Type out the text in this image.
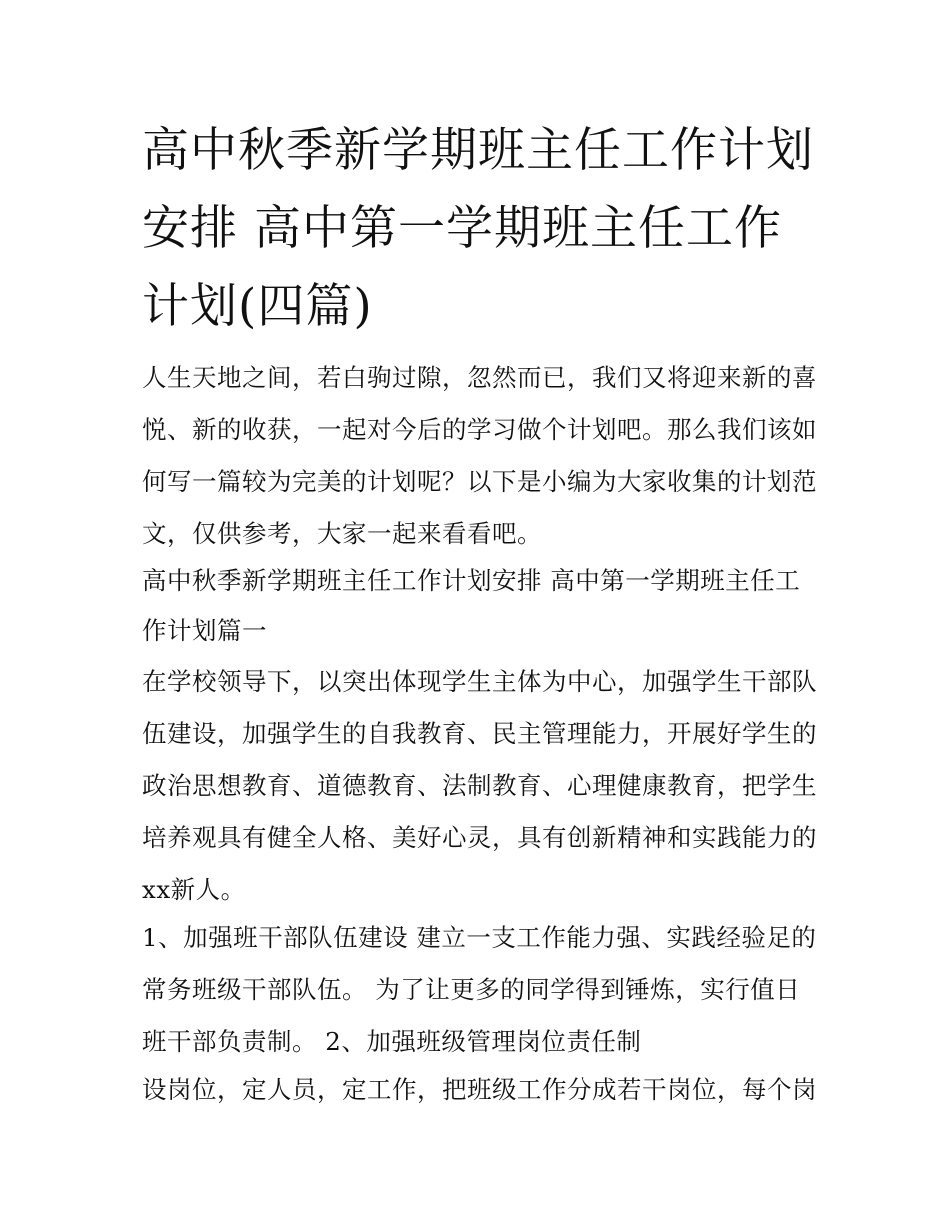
高中秋季新学期班主任工作计划安排 高中第一学期班主任工作计划(四篇)

人生天地之间，若白驹过隙，忽然而已，我们又将迎来新的喜悦、新的收获，一起对今后的学习做个计划吧。那么我们该如何写一篇较为完美的计划呢？以下是小编为大家收集的计划范文，仅供参考，大家一起来看看吧。

高中秋季新学期班主任工作计划安排 高中第一学期班主任工作计划篇一

在学校领导下，以突出体现学生主体为中心，加强学生干部队伍建设，加强学生的自我教育、民主管理能力，开展好学生的政治思想教育、道德教育、法制教育、心理健康教育，把学生培养观具有健全人格、美好心灵，具有创新精神和实践能力的xx新人。

1、加强班干部队伍建设 建立一支工作能力强、实践经验足的常务班级干部队伍。 为了让更多的同学得到锤炼，实行值日班干部负责制。 2、加强班级管理岗位责任制

设岗位，定人员，定工作，把班级工作分成若干岗位，每个岗
